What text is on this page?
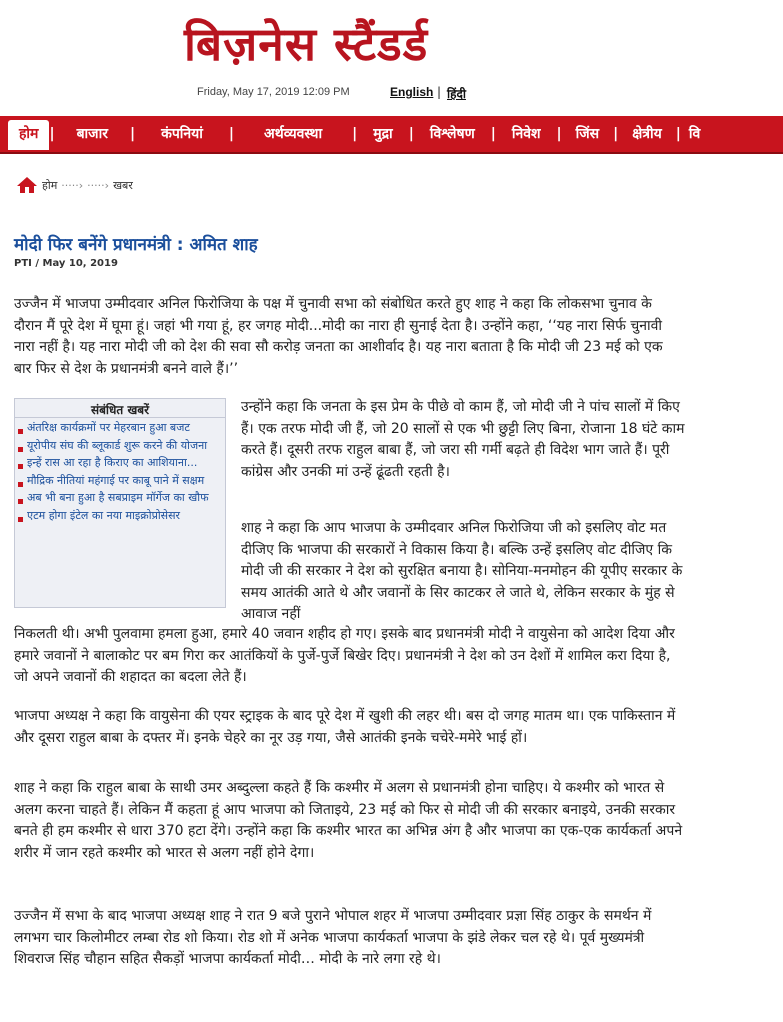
बिज़नेस स्टैंडर्ड
Friday, May 17, 2019 12:09 PM	English | हिंदी
होम |	बाजार	|	कंपनियां	|	अर्थव्यवस्था	|	मुद्रा	|	विश्लेषण	|	निवेश	|	जिंस	|	क्षेत्रीय	| वि
होम ·····› ·····› खबर
मोदी फिर बनेंगे प्रधानमंत्री : अमित शाह
PTI / May 10, 2019

उज्जैन में भाजपा उम्मीदवार अनिल फिरोजिया के पक्ष में चुनावी सभा को संबोधित करते हुए शाह ने कहा कि लोकसभा चुनाव के दौरान मैं पूरे देश में घूमा हूं। जहां भी गया हूं, हर जगह मोदी...मोदी का नारा ही सुनाई देता है। उन्होंने कहा, ‘‘यह नारा सिर्फ चुनावी नारा नहीं है। यह नारा मोदी जी को देश की सवा सौ करोड़ जनता का आशीर्वाद है। यह नारा बताता है कि मोदी जी 23 मई को एक बार फिर से देश के प्रधानमंत्री बनने वाले हैं।’’

उन्होंने कहा कि जनता के इस प्रेम के पीछे वो काम हैं, जो मोदी जी ने पांच सालों में किए हैं। एक तरफ मोदी जी हैं, जो 20 सालों से एक भी छुट्टी लिए बिना, रोजाना 18 घंटे काम करते हैं। दूसरी तरफ राहुल बाबा हैं, जो जरा सी गर्मी बढ़ते ही विदेश भाग जाते हैं। पूरी कांग्रेस और उनकी मां उन्हें ढूंढती रहती है।

शाह ने कहा कि आप भाजपा के उम्मीदवार अनिल फिरोजिया जी को इसलिए वोट मत दीजिए कि भाजपा की सरकारों ने विकास किया है। बल्कि उन्हें इसलिए वोट दीजिए कि मोदी जी की सरकार ने देश को सुरक्षित बनाया है। सोनिया-मनमोहन की यूपीए सरकार के समय आतंकी आते थे और जवानों के सिर काटकर ले जाते थे, लेकिन सरकार के मुंह से आवाज नहीं

निकलती थी। अभी पुलवामा हमला हुआ, हमारे 40 जवान शहीद हो गए। इसके बाद प्रधानमंत्री मोदी ने वायुसेना को आदेश दिया और हमारे जवानों ने बालाकोट पर बम गिरा कर आतंकियों के पुर्जे-पुर्जे बिखेर दिए। प्रधानमंत्री ने देश को उन देशों में शामिल करा दिया है, जो अपने जवानों की शहादत का बदला लेते हैं।

भाजपा अध्यक्ष ने कहा कि वायुसेना की एयर स्ट्राइक के बाद पूरे देश में खुशी की लहर थी। बस दो जगह मातम था। एक पाकिस्तान में और दूसरा राहुल बाबा के दफ्तर में। इनके चेहरे का नूर उड़ गया, जैसे आतंकी इनके चचेरे-ममेरे भाई हों।

शाह ने कहा कि राहुल बाबा के साथी उमर अब्दुल्ला कहते हैं कि कश्मीर में अलग से प्रधानमंत्री होना चाहिए। ये कश्मीर को भारत से अलग करना चाहते हैं। लेकिन मैं कहता हूं आप भाजपा को जिताइये, 23 मई को फिर से मोदी जी की सरकार बनाइये, उनकी सरकार बनते ही हम कश्मीर से धारा 370 हटा देंगे। उन्होंने कहा कि कश्मीर भारत का अभिन्न अंग है और भाजपा का एक-एक कार्यकर्ता अपने शरीर में जान रहते कश्मीर को भारत से अलग नहीं होने देगा।

उज्जैन में सभा के बाद भाजपा अध्यक्ष शाह ने रात 9 बजे पुराने भोपाल शहर में भाजपा उम्मीदवार प्रज्ञा सिंह ठाकुर के समर्थन में लगभग चार किलोमीटर लम्बा रोड शो किया। रोड शो में अनेक भाजपा कार्यकर्ता भाजपा के झंडे लेकर चल रहे थे। पूर्व मुख्यमंत्री शिवराज सिंह चौहान सहित सैकड़ों भाजपा कार्यकर्ता मोदी… मोदी के नारे लगा रहे थे।

संबंधित खबरें
अंतरिक्ष कार्यक्रमों पर मेहरबान हुआ बजट
यूरोपीय संघ की ब्लूकार्ड शुरू करने की योजना
इन्हें रास आ रहा है किराए का आशियाना...
मौद्रिक नीतियां महंगाई पर काबू पाने में सक्षम
अब भी बना हुआ है सबप्राइम मॉर्गेज का खौफ
एटम होगा इंटेल का नया माइक्रोप्रोसेसर
